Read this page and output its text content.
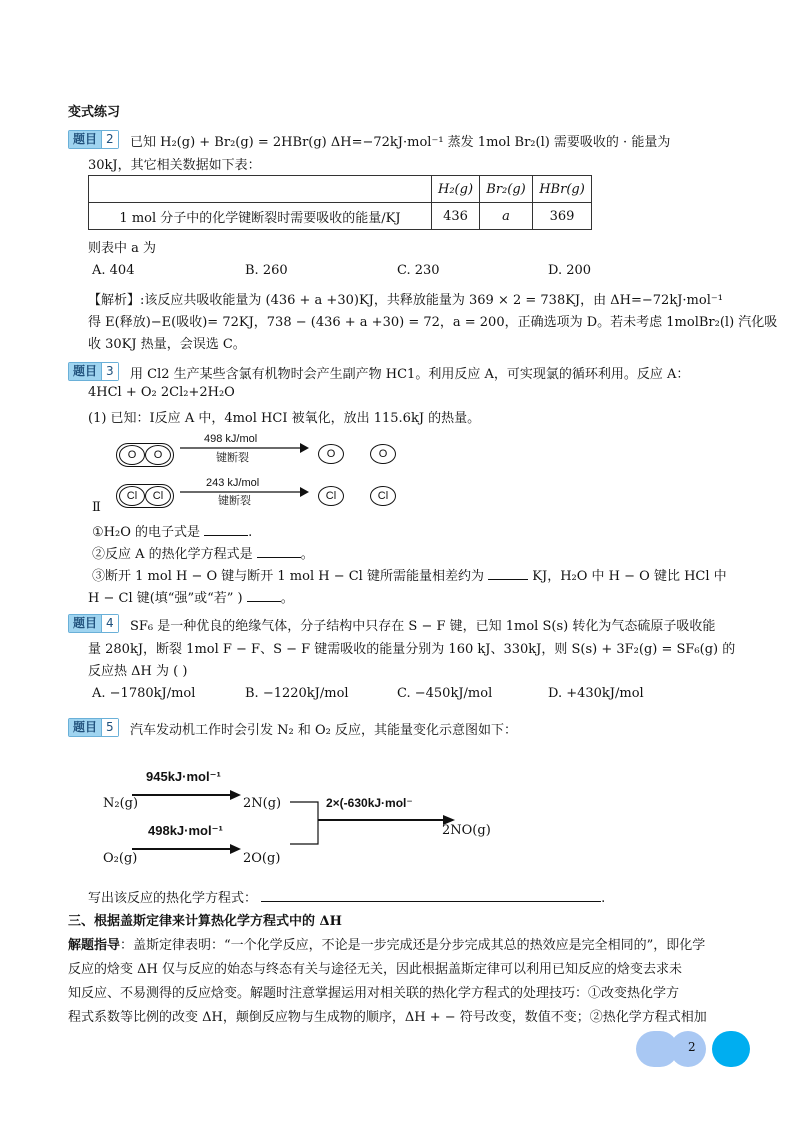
变式练习
题目 2	已知 H₂(g) + Br₂(g) = 2HBr(g) ΔH=−72kJ·mol⁻¹ 蒸发 1mol Br₂(l) 需要吸收的 · 能量为
30kJ，其它相关数据如下表：
	H₂(g)	Br₂(g)	HBr(g)
1 mol 分子中的化学键断裂时需要吸收的能量/KJ	436	a	369
则表中 a 为
A. 404	B. 260	C. 230	D. 200
【解析】:该反应共吸收能量为 (436 + a +30)KJ，共释放能量为 369 × 2 = 738KJ，由 ΔH=−72kJ·mol⁻¹
得 E(释放)−E(吸收)= 72KJ，738 − (436 + a +30) = 72，a = 200，正确选项为 D。若未考虑 1molBr₂(l) 汽化吸
收 30KJ 热量，会误选 C。
题目 3	用 Cl2 生产某些含氯有机物时会产生副产物 HC1。利用反应 A，可实现氯的循环利用。反应 A：
4HCl + O₂ 2Cl₂+2H₂O
(1) 已知：Ⅰ反应 A 中，4mol HCI 被氧化，放出 115.6kJ 的热量。
O	O
498 kJ/mol
键断裂	O	O
Cl	Cl
243 kJ/mol
键断裂	Cl	Cl
Ⅱ
①H₂O 的电子式是	.
②反应 A 的热化学方程式是	。
③断开 1 mol H − O 键与断开 1 mol H − Cl 键所需能量相差约为	KJ，H₂O 中 H − O 键比 HCl 中
H − Cl 键(填“强”或“若” )	。
题目 4	SF₆ 是一种优良的绝缘气体，分子结构中只存在 S − F 键，已知 1mol S(s) 转化为气态硫原子吸收能
量 280kJ，断裂 1mol F − F、S − F 键需吸收的能量分别为 160 kJ、330kJ，则 S(s) + 3F₂(g) = SF₆(g) 的
反应热 ΔH 为 ( )
A. −1780kJ/mol	B. −1220kJ/mol	C. −450kJ/mol	D. +430kJ/mol
题目 5	汽车发动机工作时会引发 N₂ 和 O₂ 反应，其能量变化示意图如下：
945kJ·mol⁻¹
N₂(g)	2N(g)
498kJ·mol⁻¹
O₂(g)	2O(g)
2×(-630kJ·mol⁻
2NO(g)
写出该反应的热化学方程式：	.
三、根据盖斯定律来计算热化学方程式中的 ΔH
解题指导：盖斯定律表明：“一个化学反应，不论是一步完成还是分步完成其总的热效应是完全相同的”，即化学
反应的焓变 ΔH 仅与反应的始态与终态有关与途径无关，因此根据盖斯定律可以利用已知反应的焓变去求未
知反应、不易测得的反应焓变。解题时注意掌握运用对相关联的热化学方程式的处理技巧：①改变热化学方
程式系数等比例的改变 ΔH，颠倒反应物与生成物的顺序，ΔH + − 符号改变，数值不变；②热化学方程式相加
2
